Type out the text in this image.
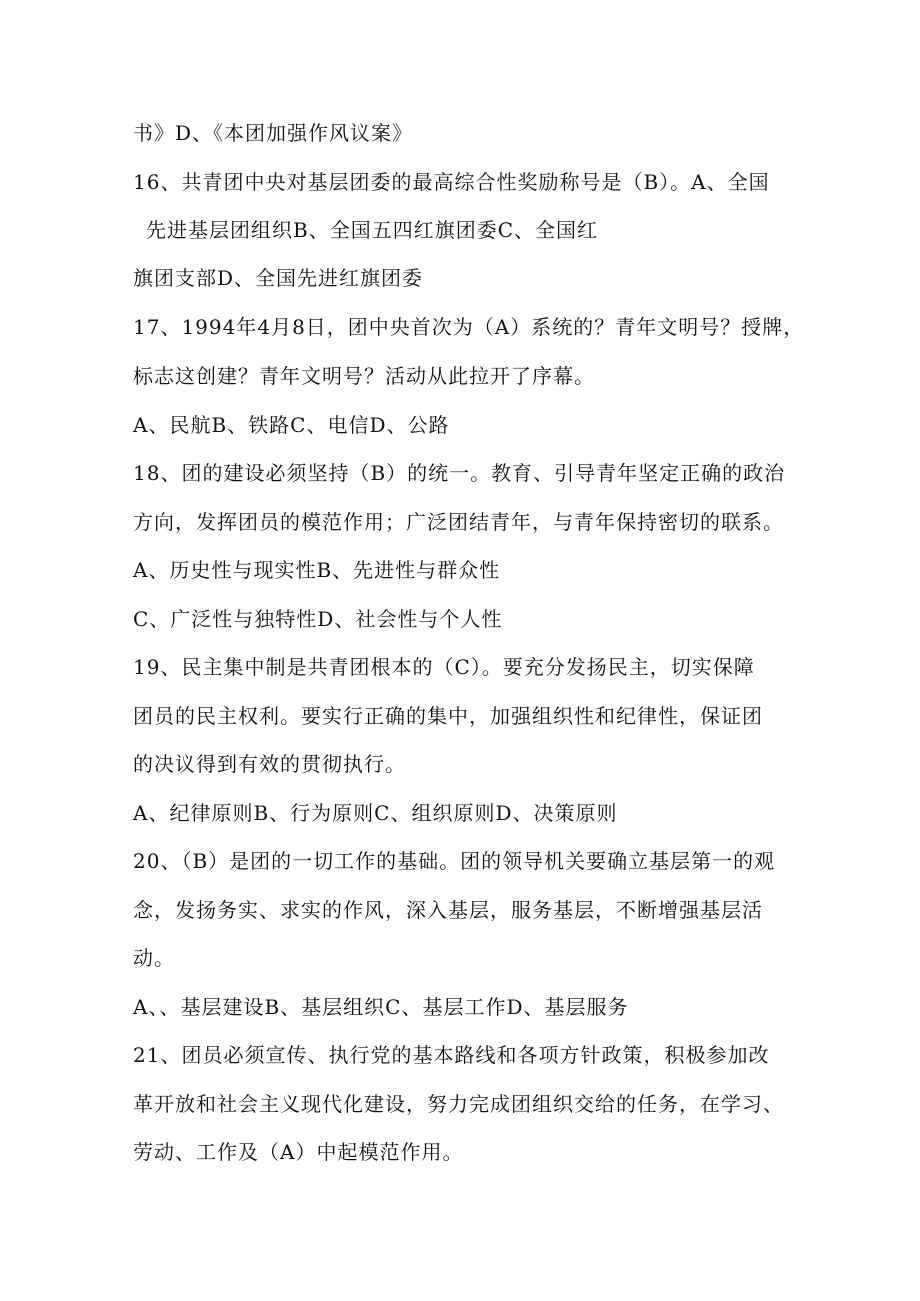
书》D、《本团加强作风议案》
16、共青团中央对基层团委的最高综合性奖励称号是（B）。A、全国
先进基层团组织B、全国五四红旗团委C、全国红
旗团支部D、全国先进红旗团委
17、1994年4月8日，团中央首次为（A）系统的？青年文明号？授牌，
标志这创建？青年文明号？活动从此拉开了序幕。
A、民航B、铁路C、电信D、公路
18、团的建设必须坚持（B）的统一。教育、引导青年坚定正确的政治
方向，发挥团员的模范作用；广泛团结青年，与青年保持密切的联系。
A、历史性与现实性B、先进性与群众性
C、广泛性与独特性D、社会性与个人性
19、民主集中制是共青团根本的（C）。要充分发扬民主，切实保障
团员的民主权利。要实行正确的集中，加强组织性和纪律性，保证团
的决议得到有效的贯彻执行。
A、纪律原则B、行为原则C、组织原则D、决策原则
20、（B）是团的一切工作的基础。团的领导机关要确立基层第一的观
念，发扬务实、求实的作风，深入基层，服务基层，不断增强基层活
动。
A、、基层建设B、基层组织C、基层工作D、基层服务
21、团员必须宣传、执行党的基本路线和各项方针政策，积极参加改
革开放和社会主义现代化建设，努力完成团组织交给的任务，在学习、
劳动、工作及（A）中起模范作用。
